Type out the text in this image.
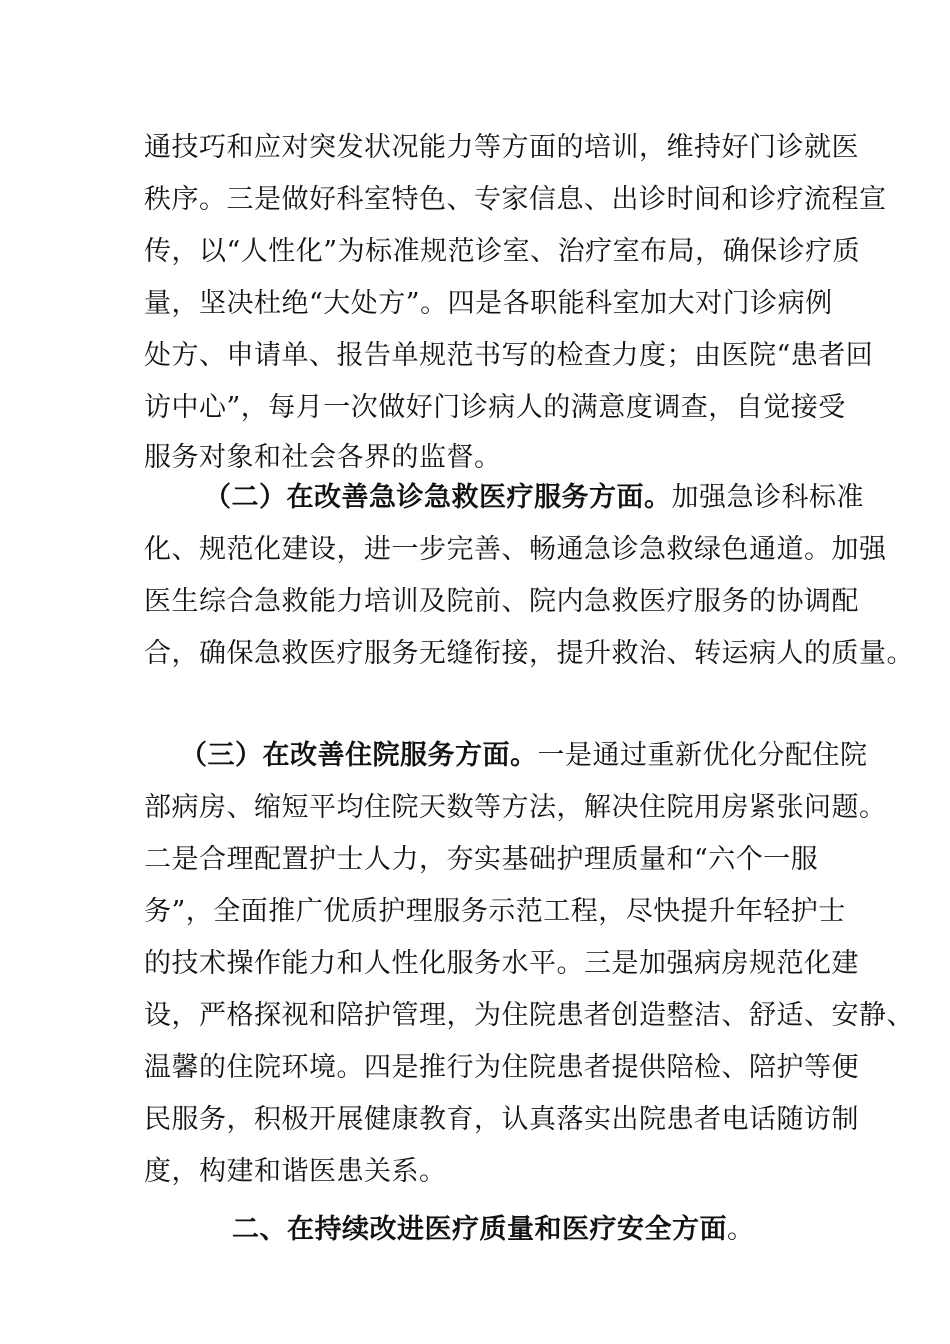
通技巧和应对突发状况能力等方面的培训，维持好门诊就医
秩序。三是做好科室特色、专家信息、出诊时间和诊疗流程宣
传，以“人性化”为标准规范诊室、治疗室布局，确保诊疗质
量，坚决杜绝“大处方”。四是各职能科室加大对门诊病例
处方、申请单、报告单规范书写的检查力度；由医院“患者回
访中心”，每月一次做好门诊病人的满意度调查，自觉接受
服务对象和社会各界的监督。
（二）在改善急诊急救医疗服务方面。加强急诊科标准
化、规范化建设，进一步完善、畅通急诊急救绿色通道。加强
医生综合急救能力培训及院前、院内急救医疗服务的协调配
合，确保急救医疗服务无缝衔接，提升救治、转运病人的质量。
（三）在改善住院服务方面。一是通过重新优化分配住院
部病房、缩短平均住院天数等方法，解决住院用房紧张问题。
二是合理配置护士人力，夯实基础护理质量和“六个一服
务”，全面推广优质护理服务示范工程，尽快提升年轻护士
的技术操作能力和人性化服务水平。三是加强病房规范化建
设，严格探视和陪护管理，为住院患者创造整洁、舒适、安静、
温馨的住院环境。四是推行为住院患者提供陪检、陪护等便
民服务，积极开展健康教育，认真落实出院患者电话随访制
度，构建和谐医患关系。
二、在持续改进医疗质量和医疗安全方面。
